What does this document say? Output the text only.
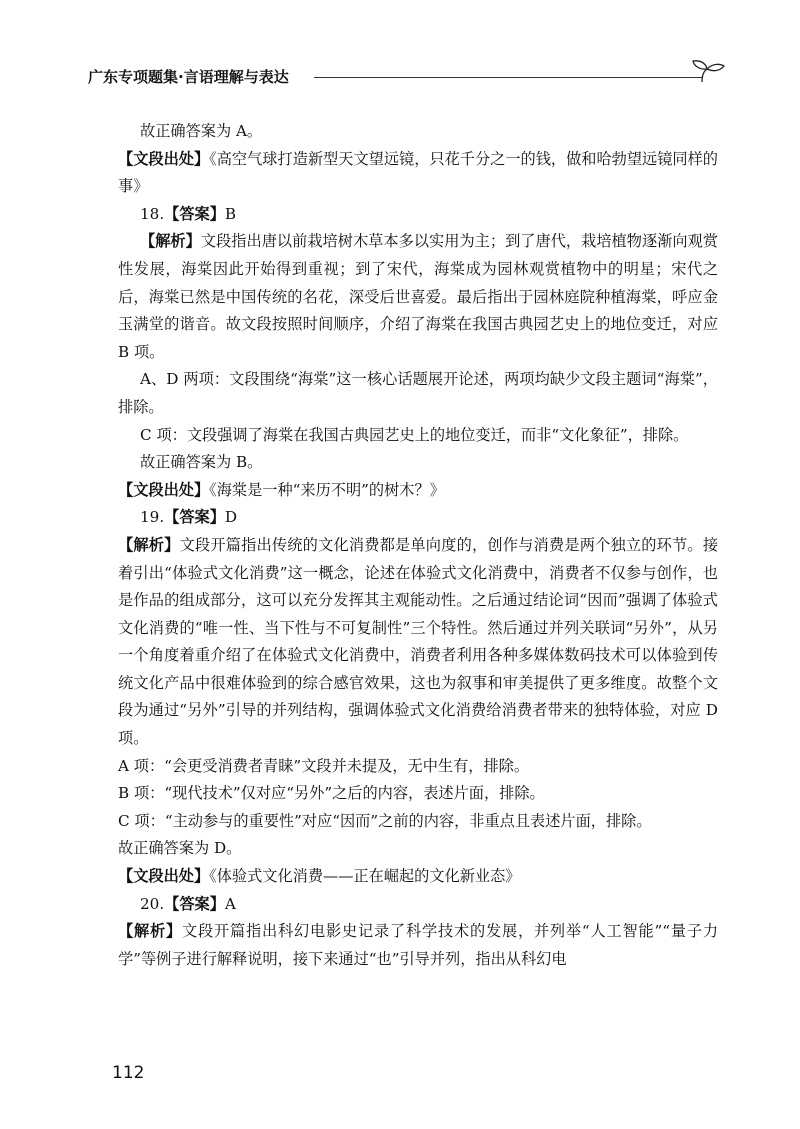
广东专项题集·言语理解与表达

故正确答案为 A。

【文段出处】《高空气球打造新型天文望远镜，只花千分之一的钱，做和哈勃望远镜同样的事》

18.【答案】B

【解析】文段指出唐以前栽培树木草本多以实用为主；到了唐代，栽培植物逐渐向观赏性发展，海棠因此开始得到重视；到了宋代，海棠成为园林观赏植物中的明星；宋代之后，海棠已然是中国传统的名花，深受后世喜爱。最后指出于园林庭院种植海棠，呼应金玉满堂的谐音。故文段按照时间顺序，介绍了海棠在我国古典园艺史上的地位变迁，对应 B 项。

A、D 两项：文段围绕“海棠”这一核心话题展开论述，两项均缺少文段主题词“海棠”，排除。

C 项：文段强调了海棠在我国古典园艺史上的地位变迁，而非“文化象征”，排除。

故正确答案为 B。

【文段出处】《海棠是一种“来历不明”的树木？》

19.【答案】D

【解析】文段开篇指出传统的文化消费都是单向度的，创作与消费是两个独立的环节。接着引出“体验式文化消费”这一概念，论述在体验式文化消费中，消费者不仅参与创作，也是作品的组成部分，这可以充分发挥其主观能动性。之后通过结论词“因而”强调了体验式文化消费的“唯一性、当下性与不可复制性”三个特性。然后通过并列关联词“另外”，从另一个角度着重介绍了在体验式文化消费中，消费者利用各种多媒体数码技术可以体验到传统文化产品中很难体验到的综合感官效果，这也为叙事和审美提供了更多维度。故整个文段为通过“另外”引导的并列结构，强调体验式文化消费给消费者带来的独特体验，对应 D 项。

A 项：“会更受消费者青睐”文段并未提及，无中生有，排除。

B 项：“现代技术”仅对应“另外”之后的内容，表述片面，排除。

C 项：“主动参与的重要性”对应“因而”之前的内容，非重点且表述片面，排除。

故正确答案为 D。

【文段出处】《体验式文化消费——正在崛起的文化新业态》

20.【答案】A

【解析】文段开篇指出科幻电影史记录了科学技术的发展，并列举“人工智能”“量子力学”等例子进行解释说明，接下来通过“也”引导并列，指出从科幻电

112
